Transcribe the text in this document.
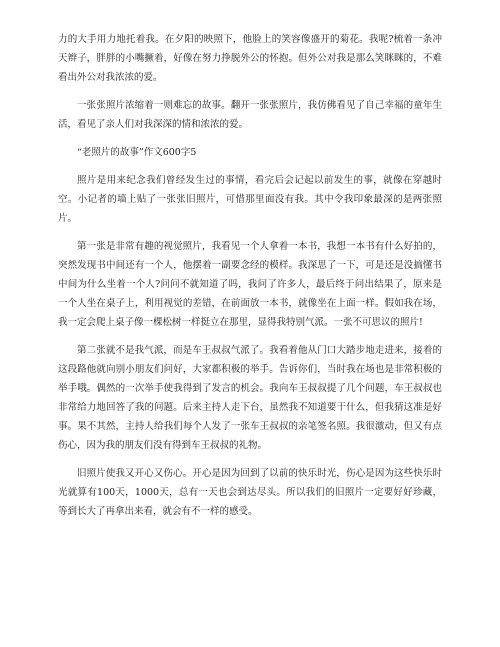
力的大手用力地托着我。在夕阳的映照下，他脸上的笑容像盛开的菊花。我呢?梳着一条冲天辫子，胖胖的小嘴撅着，好像在努力挣脱外公的怀抱。但外公对我是那么笑眯眯的，不难看出外公对我浓浓的爱。

一张张照片浓缩着一则难忘的故事。翻开一张张照片，我仿佛看见了自己幸福的童年生活，看见了亲人们对我深深的情和浓浓的爱。

“老照片的故事”作文600字5

照片是用来纪念我们曾经发生过的事情，看完后会记起以前发生的事，就像在穿越时空。小记者的墙上贴了一张张旧照片，可惜那里面没有我。其中令我印象最深的是两张照片。

第一张是非常有趣的视觉照片，我看见一个人拿着一本书，我想一本书有什么好拍的，突然发现书中间还有一个人，他摆着一副要念经的模样。我深思了一下，可是还是没搞懂书中间为什么坐着一个人?问问不就知道了吗，我问了许多人，最后终于问出结果了，原来是一个人坐在桌子上，利用视觉的差错，在前面放一本书，就像坐在上面一样。假如我在场，我一定会爬上桌子像一棵松树一样挺立在那里，显得我特别气派。一张不可思议的照片!

第二张就不是我气派，而是车王叔叔气派了。我看着他从门口大踏步地走进来，接着的这段路他就向别小朋友们问好，大家都积极的举手。告诉你们，当时我在场也是非常积极的举手哦。偶然的一次举手使我得到了发言的机会。我向车王叔叔提了几个问题，车王叔叔也非常给力地回答了我的问题。后来主持人走下台，虽然我不知道要干什么，但我猜这准是好事。果不其然，主持人给我们每个人发了一张车王叔叔的亲笔签名照。我很激动，但又有点伤心，因为我的朋友们没有得到车王叔叔的礼物。

旧照片使我又开心又伤心。开心是因为回到了以前的快乐时光，伤心是因为这些快乐时光就算有100天，1000天，总有一天也会到达尽头。所以我们的旧照片一定要好好珍藏，等到长大了再拿出来看，就会有不一样的感受。
